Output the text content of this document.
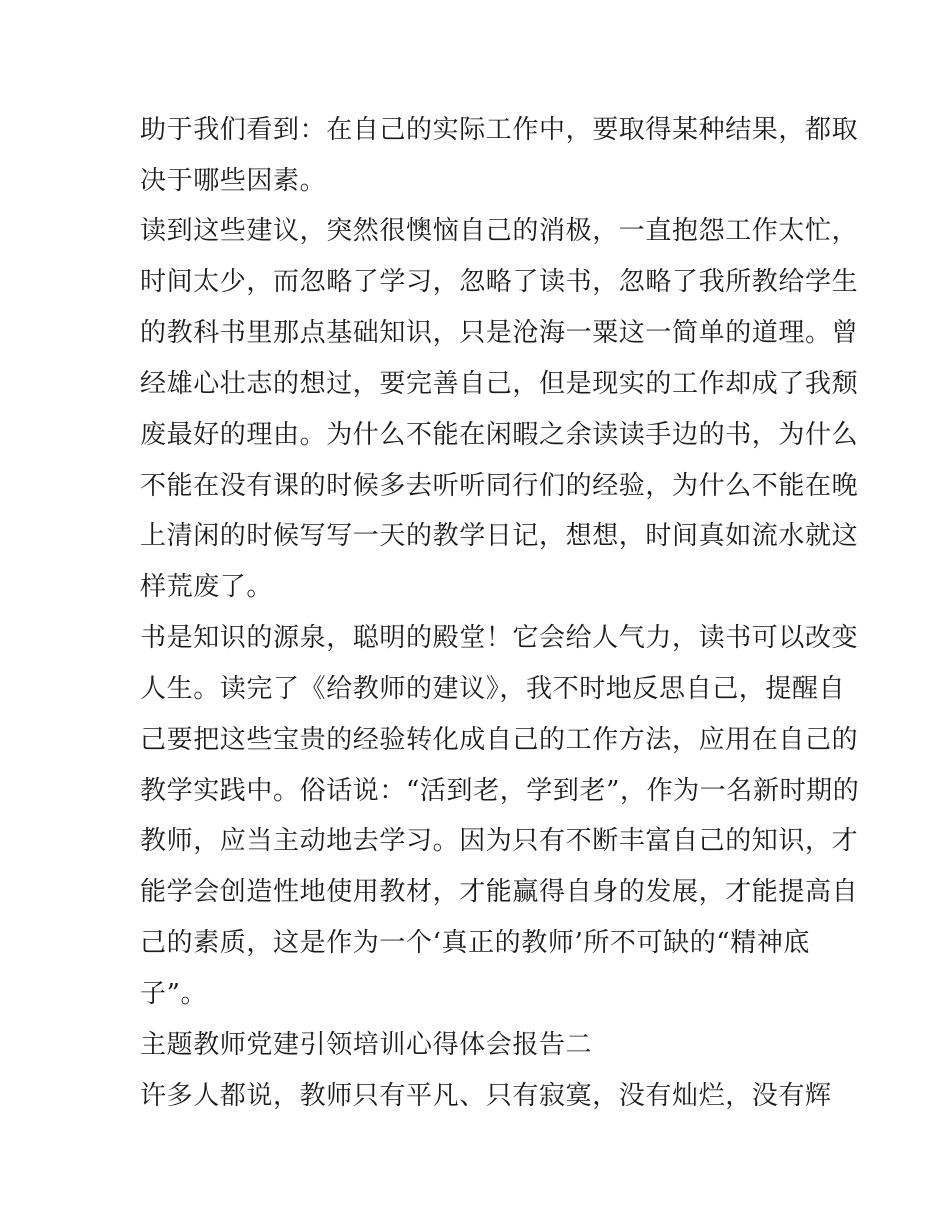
助于我们看到：在自己的实际工作中，要取得某种结果，都取
决于哪些因素。
读到这些建议，突然很懊恼自己的消极，一直抱怨工作太忙，
时间太少，而忽略了学习，忽略了读书，忽略了我所教给学生
的教科书里那点基础知识，只是沧海一粟这一简单的道理。曾
经雄心壮志的想过，要完善自己，但是现实的工作却成了我颓
废最好的理由。为什么不能在闲暇之余读读手边的书，为什么
不能在没有课的时候多去听听同行们的经验，为什么不能在晚
上清闲的时候写写一天的教学日记，想想，时间真如流水就这
样荒废了。
书是知识的源泉，聪明的殿堂！它会给人气力，读书可以改变
人生。读完了《给教师的建议》，我不时地反思自己，提醒自
己要把这些宝贵的经验转化成自己的工作方法，应用在自己的
教学实践中。俗话说：“活到老，学到老”，作为一名新时期的
教师，应当主动地去学习。因为只有不断丰富自己的知识，才
能学会创造性地使用教材，才能赢得自身的发展，才能提高自
己的素质，这是作为一个‘真正的教师’所不可缺的“精神底
子”。
主题教师党建引领培训心得体会报告二
许多人都说，教师只有平凡、只有寂寞，没有灿烂，没有辉
